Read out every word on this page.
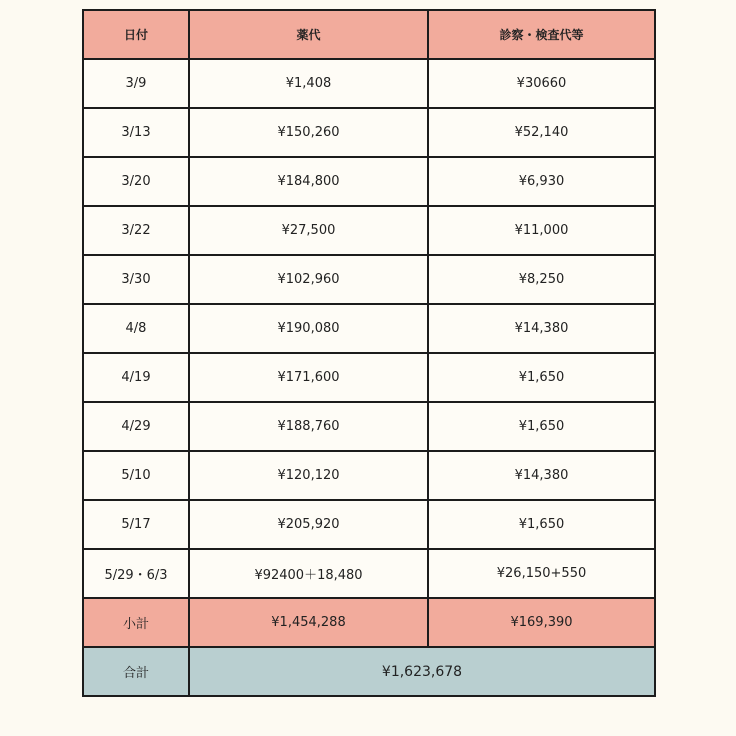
日付	薬代	診察・検査代等
3/9	¥1,408	¥30660
3/13	¥150,260	¥52,140
3/20	¥184,800	¥6,930
3/22	¥27,500	¥11,000
3/30	¥102,960	¥8,250
4/8	¥190,080	¥14,380
4/19	¥171,600	¥1,650
4/29	¥188,760	¥1,650
5/10	¥120,120	¥14,380
5/17	¥205,920	¥1,650
5/29・6/3	¥92400＋18,480	¥26,150+550
小計	¥1,454,288	¥169,390
合計	¥1,623,678	
